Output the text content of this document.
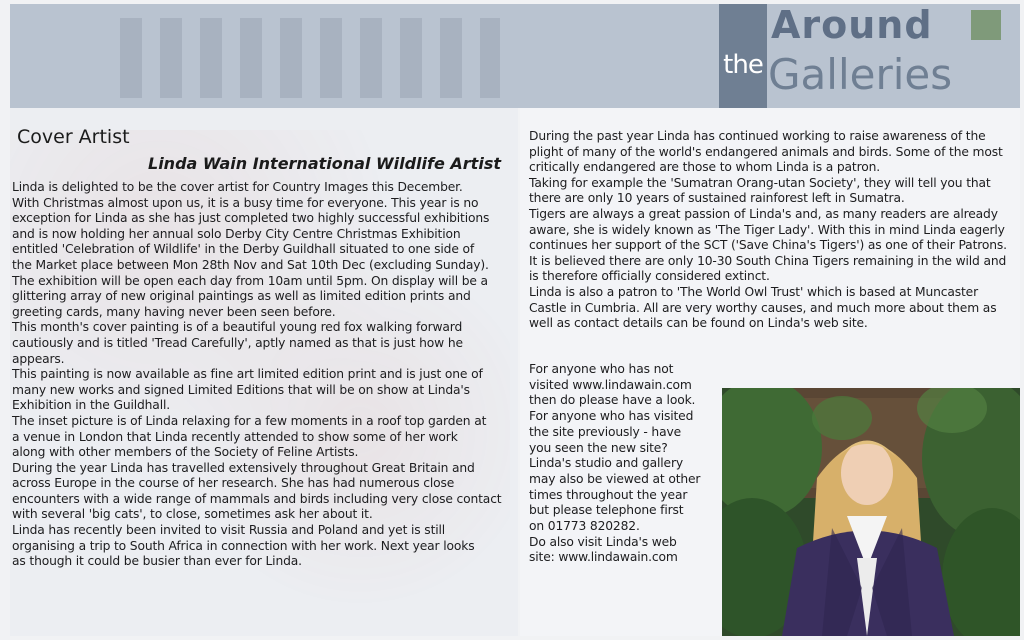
the
Around
Galleries
Cover Artist
Linda Wain International Wildlife Artist

Linda is delighted to be the cover artist for Country Images this December.

With Christmas almost upon us, it is a busy time for everyone. This year is no

exception for Linda as she has just completed two highly successful exhibitions

and is now holding her annual solo Derby City Centre Christmas Exhibition

entitled 'Celebration of Wildlife' in the Derby Guildhall situated to one side of

the Market place between Mon 28th Nov and Sat 10th Dec (excluding Sunday).

The exhibition will be open each day from 10am until 5pm. On display will be a

glittering array of new original paintings as well as limited edition prints and

greeting cards, many having never been seen before.

This month's cover painting is of a beautiful young red fox walking forward

cautiously and is titled 'Tread Carefully', aptly named as that is just how he

appears.

This painting is now available as fine art limited edition print and is just one of

many new works and signed Limited Editions that will be on show at Linda's

Exhibition in the Guildhall.

The inset picture is of Linda relaxing for a few moments in a roof top garden at

a venue in London that Linda recently attended to show some of her work

along with other members of the Society of Feline Artists.

During the year Linda has travelled extensively throughout Great Britain and

across Europe in the course of her research. She has had numerous close

encounters with a wide range of mammals and birds including very close contact

with several 'big cats', to close, sometimes ask her about it.

Linda has recently been invited to visit Russia and Poland and yet is still

organising a trip to South Africa in connection with her work. Next year looks

as though it could be busier than ever for Linda.

During the past year Linda has continued working to raise awareness of the

plight of many of the world's endangered animals and birds. Some of the most

critically endangered are those to whom Linda is a patron.

Taking for example the 'Sumatran Orang-utan Society', they will tell you that

there are only 10 years of sustained rainforest left in Sumatra.

Tigers are always a great passion of Linda's and, as many readers are already

aware, she is widely known as 'The Tiger Lady'. With this in mind Linda eagerly

continues her support of the SCT ('Save China's Tigers') as one of their Patrons.

It is believed there are only 10-30 South China Tigers remaining in the wild and

is therefore officially considered extinct.

Linda is also a patron to 'The World Owl Trust' which is based at Muncaster

Castle in Cumbria. All are very worthy causes, and much more about them as

well as contact details can be found on Linda's web site.

For anyone who has not

visited www.lindawain.com

then do please have a look.

For anyone who has visited

the site previously - have

you seen the new site?

Linda's studio and gallery

may also be viewed at other

times throughout the year

but please telephone first

on 01773 820282.

Do also visit Linda's web

site: www.lindawain.com
